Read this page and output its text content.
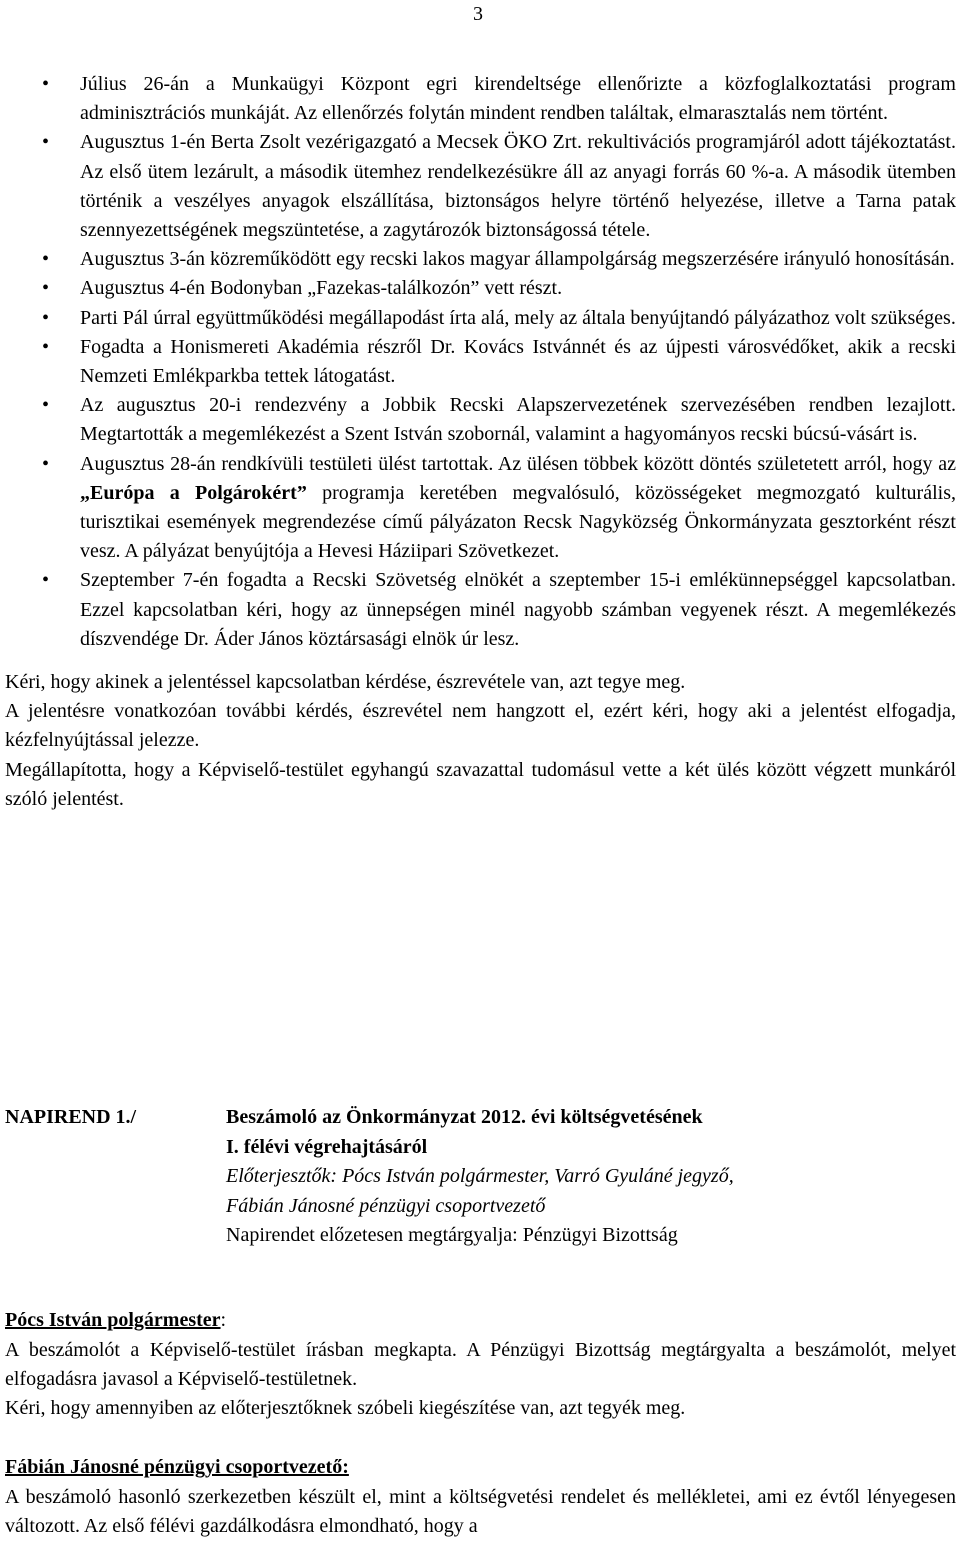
3
• Július 26-án a Munkaügyi Központ egri kirendeltsége ellenőrizte a közfoglalkoztatási program adminisztrációs munkáját. Az ellenőrzés folytán mindent rendben találtak, elmarasztalás nem történt.
• Augusztus 1-én Berta Zsolt vezérigazgató a Mecsek ÖKO Zrt. rekultivációs programjáról adott tájékoztatást. Az első ütem lezárult, a második ütemhez rendelkezésükre áll az anyagi forrás 60 %-a. A második ütemben történik a veszélyes anyagok elszállítása, biztonságos helyre történő helyezése, illetve a Tarna patak szennyezettségének megszüntetése, a zagytározók biztonságossá tétele.
• Augusztus 3-án közreműködött egy recski lakos magyar állampolgárság megszerzésére irányuló honosításán.
• Augusztus 4-én Bodonyban „Fazekas-találkozón” vett részt.
• Parti Pál úrral együttműködési megállapodást írta alá, mely az általa benyújtandó pályázathoz volt szükséges.
• Fogadta a Honismereti Akadémia részről Dr. Kovács Istvánnét és az újpesti városvédőket, akik a recski Nemzeti Emlékparkba tettek látogatást.
• Az augusztus 20-i rendezvény a Jobbik Recski Alapszervezetének szervezésében rendben lezajlott. Megtartották a megemlékezést a Szent István szobornál, valamint a hagyományos recski búcsú-vásárt is.
• Augusztus 28-án rendkívüli testületi ülést tartottak. Az ülésen többek között döntés születetett arról, hogy az „Európa a Polgárokért” programja keretében megvalósuló, közösségeket megmozgató kulturális, turisztikai események megrendezése című pályázaton Recsk Nagyközség Önkormányzata gesztorként részt vesz. A pályázat benyújtója a Hevesi Háziipari Szövetkezet.
• Szeptember 7-én fogadta a Recski Szövetség elnökét a szeptember 15-i emlékünnepséggel kapcsolatban. Ezzel kapcsolatban kéri, hogy az ünnepségen minél nagyobb számban vegyenek részt. A megemlékezés díszvendége Dr. Áder János köztársasági elnök úr lesz.

Kéri, hogy akinek a jelentéssel kapcsolatban kérdése, észrevétele van, azt tegye meg.

A jelentésre vonatkozóan további kérdés, észrevétel nem hangzott el, ezért kéri, hogy aki a jelentést elfogadja, kézfelnyújtással jelezze.

Megállapította, hogy a Képviselő-testület egyhangú szavazattal tudomásul vette a két ülés között végzett munkáról szóló jelentést.

NAPIREND 1./	Beszámoló az Önkormányzat 2012. évi költségvetésének
I. félévi végrehajtásáról
Előterjesztők: Pócs István polgármester, Varró Gyuláné jegyző,
Fábián Jánosné pénzügyi csoportvezető
Napirendet előzetesen megtárgyalja: Pénzügyi Bizottság
Pócs István polgármester:

A beszámolót a Képviselő-testület írásban megkapta. A Pénzügyi Bizottság megtárgyalta a beszámolót, melyet elfogadásra javasol a Képviselő-testületnek.

Kéri, hogy amennyiben az előterjesztőknek szóbeli kiegészítése van, azt tegyék meg.

Fábián Jánosné pénzügyi csoportvezető:

A beszámoló hasonló szerkezetben készült el, mint a költségvetési rendelet és mellékletei, ami ez évtől lényegesen változott. Az első félévi gazdálkodásra elmondható, hogy a
